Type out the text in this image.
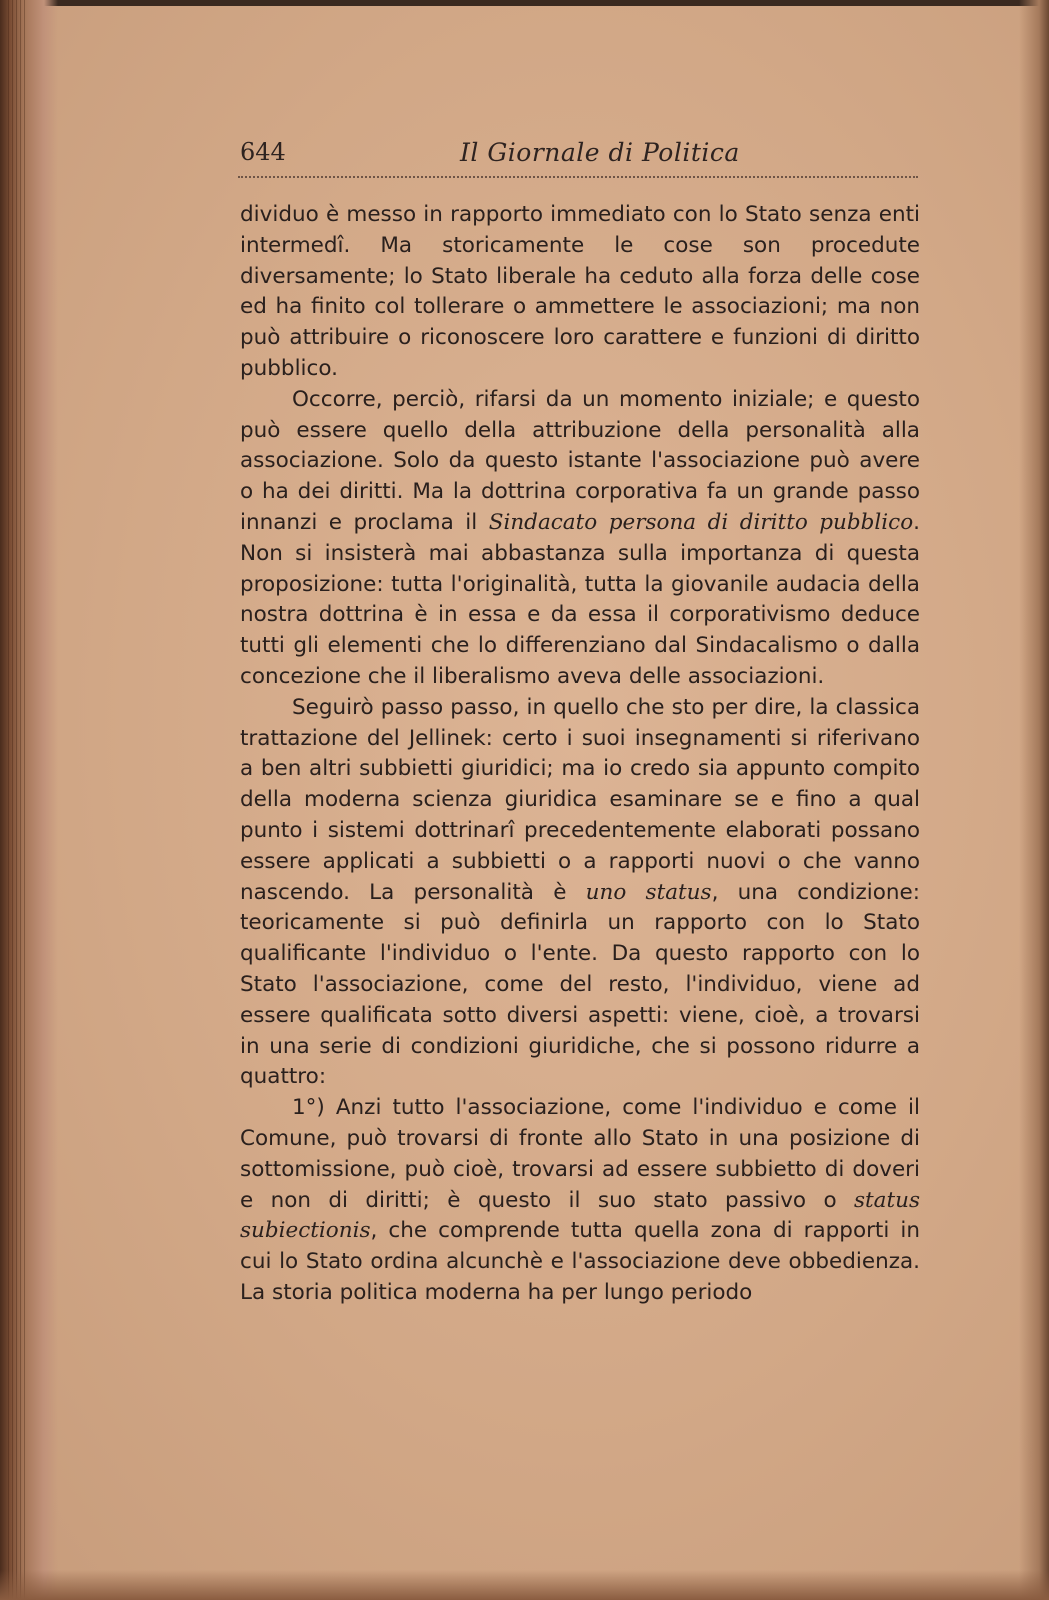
644	Il Giornale di Politica

dividuo è messo in rapporto immediato con lo Stato senza enti intermedî. Ma storicamente le cose son procedute diversamente; lo Stato liberale ha ceduto alla forza delle cose ed ha finito col tollerare o ammettere le associazioni; ma non può attribuire o riconoscere loro carattere e funzioni di diritto pubblico.

Occorre, perciò, rifarsi da un momento iniziale; e questo può essere quello della attribuzione della personalità alla associazione. Solo da questo istante l'associazione può avere o ha dei diritti. Ma la dottrina corporativa fa un grande passo innanzi e proclama il Sindacato persona di diritto pubblico. Non si insisterà mai abbastanza sulla importanza di questa proposizione: tutta l'originalità, tutta la giovanile audacia della nostra dottrina è in essa e da essa il corporativismo deduce tutti gli elementi che lo differenziano dal Sindacalismo o dalla concezione che il liberalismo aveva delle associazioni.

Seguirò passo passo, in quello che sto per dire, la classica trattazione del Jellinek: certo i suoi insegnamenti si riferivano a ben altri subbietti giuridici; ma io credo sia appunto compito della moderna scienza giuridica esaminare se e fino a qual punto i sistemi dottrinarî precedentemente elaborati possano essere applicati a subbietti o a rapporti nuovi o che vanno nascendo. La personalità è uno status, una condizione: teoricamente si può definirla un rapporto con lo Stato qualificante l'individuo o l'ente. Da questo rapporto con lo Stato l'associazione, come del resto, l'individuo, viene ad essere qualificata sotto diversi aspetti: viene, cioè, a trovarsi in una serie di condizioni giuridiche, che si possono ridurre a quattro:

1°) Anzi tutto l'associazione, come l'individuo e come il Comune, può trovarsi di fronte allo Stato in una posizione di sottomissione, può cioè, trovarsi ad essere subbietto di doveri e non di diritti; è questo il suo stato passivo o status subiectionis, che comprende tutta quella zona di rapporti in cui lo Stato ordina alcunchè e l'associazione deve obbedienza. La storia politica moderna ha per lungo periodo
